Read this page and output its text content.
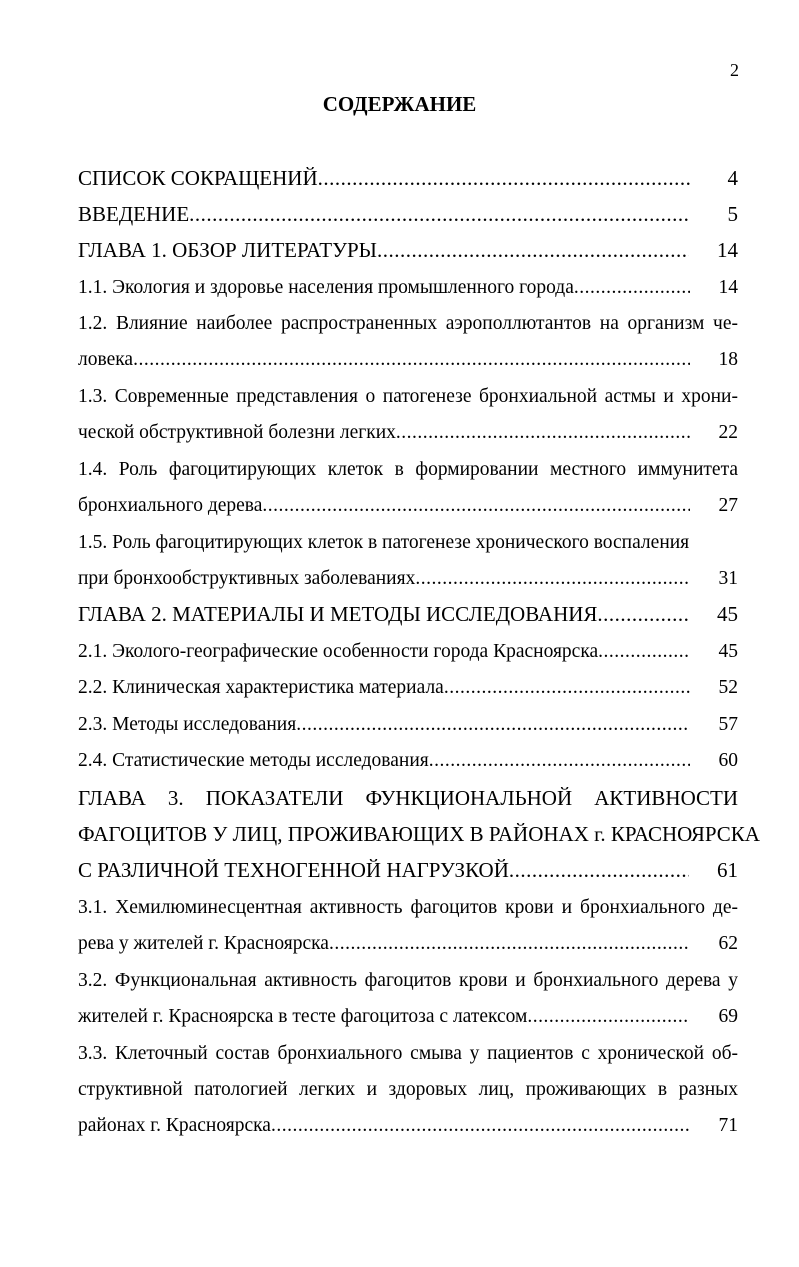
2
СОДЕРЖАНИЕ
СПИСОК СОКРАЩЕНИЙ .....	4
ВВЕДЕНИЕ .....	5
ГЛАВА 1. ОБЗОР ЛИТЕРАТУРЫ .....	14
1.1. Экология и здоровье населения промышленного города .....	14
1.2. Влияние наиболее распространенных аэрополлютантов на организм че-
ловека .....	18
1.3. Современные представления о патогенезе бронхиальной астмы и хрони-
ческой обструктивной болезни легких .....	22
1.4. Роль фагоцитирующих клеток в формировании местного иммунитета
бронхиального дерева .....	27
1.5. Роль фагоцитирующих клеток в патогенезе хронического воспаления
при бронхообструктивных заболеваниях .....	31
ГЛАВА 2. МАТЕРИАЛЫ И МЕТОДЫ ИССЛЕДОВАНИЯ .....	45
2.1. Эколого-географические особенности города Красноярска .....	45
2.2. Клиническая характеристика материала .....	52
2.3. Методы исследования .....	57
2.4. Статистические методы исследования .....	60
ГЛАВА 3. ПОКАЗАТЕЛИ ФУНКЦИОНАЛЬНОЙ АКТИВНОСТИ
ФАГОЦИТОВ У ЛИЦ, ПРОЖИВАЮЩИХ В РАЙОНАХ г. КРАСНОЯРСКА
С РАЗЛИЧНОЙ ТЕХНОГЕННОЙ НАГРУЗКОЙ .....	61
3.1. Хемилюминесцентная активность фагоцитов крови и бронхиального де-
рева у жителей г. Красноярска .....	62
3.2. Функциональная активность фагоцитов крови и бронхиального дерева у
жителей г. Красноярска в тесте фагоцитоза с латексом .....	69
3.3. Клеточный состав бронхиального смыва у пациентов с хронической об-
структивной патологией легких и здоровых лиц, проживающих в разных
районах г. Красноярска .....	71
